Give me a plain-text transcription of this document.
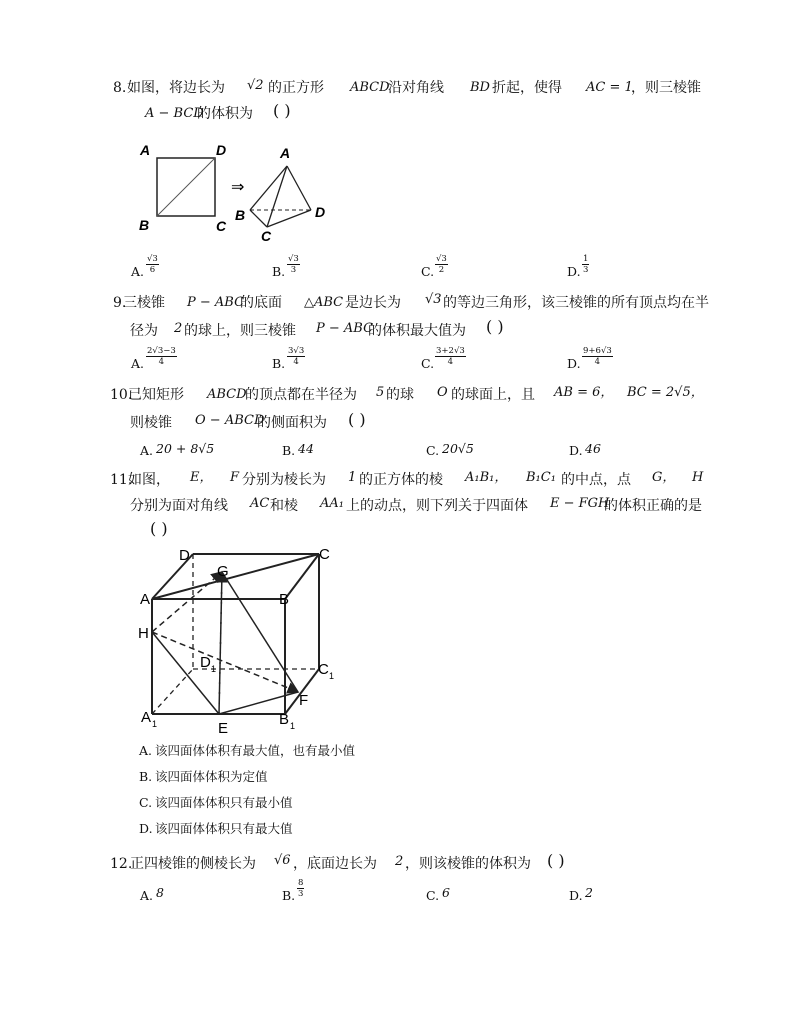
8. 如图，将边长为 √2 的正方形 ABCD
沿对角线 BD 折起，使得 AC = 1
，则三棱锥
A − BCD
的体积为 ( )
A	D
B	C
⇒
A
B
C
D
A. $\frac{√3}{6}$	B. $\frac{√3}{3}$	C. $\frac{√3}{2}$	D. $\frac{1}{3}$
9.
三棱锥 P − ABC
的底面 △ABC 是边长为 √3 的等边三角形，该三棱锥的所有顶点均在半
径为 2 的球上，则三棱锥 P − ABC
的体积最大值为 ( )
A. $\frac{2√3-3}{4}$	B. $\frac{3√3}{4}$	C. $\frac{3+2√3}{4}$	D. $\frac{9+6√3}{4}$
10.
已知矩形 ABCD
的顶点都在半径为 5 的球 O 的球面上，且 AB = 6， BC = 2√5，
则棱锥 O − ABCD
的侧面积为 ( )
A. 20 + 8√5	B. 44	C. 20√5	D. 46
11.
如图， E， F 分别为棱长为 1 的正方体的棱 A₁B₁， B₁C₁ 的中点，点 G， H
分别为面对角线 AC 和棱 AA₁ 上的动点，则下列关于四面体 E − FGH
的体积正确的是
( )
D	C
G
A	B
H
D 1	C 1
F
A 1	E
B 1
A. 该四面体体积有最大值，也有最小值
B. 该四面体体积为定值
C. 该四面体体积只有最小值
D. 该四面体体积只有最大值
12.
正四棱锥的侧棱长为 √6 ，底面边长为 2 ，则该棱锥的体积为 ( )
A. 8	B. $\frac{8}{3}$	C. 6	D. 2
